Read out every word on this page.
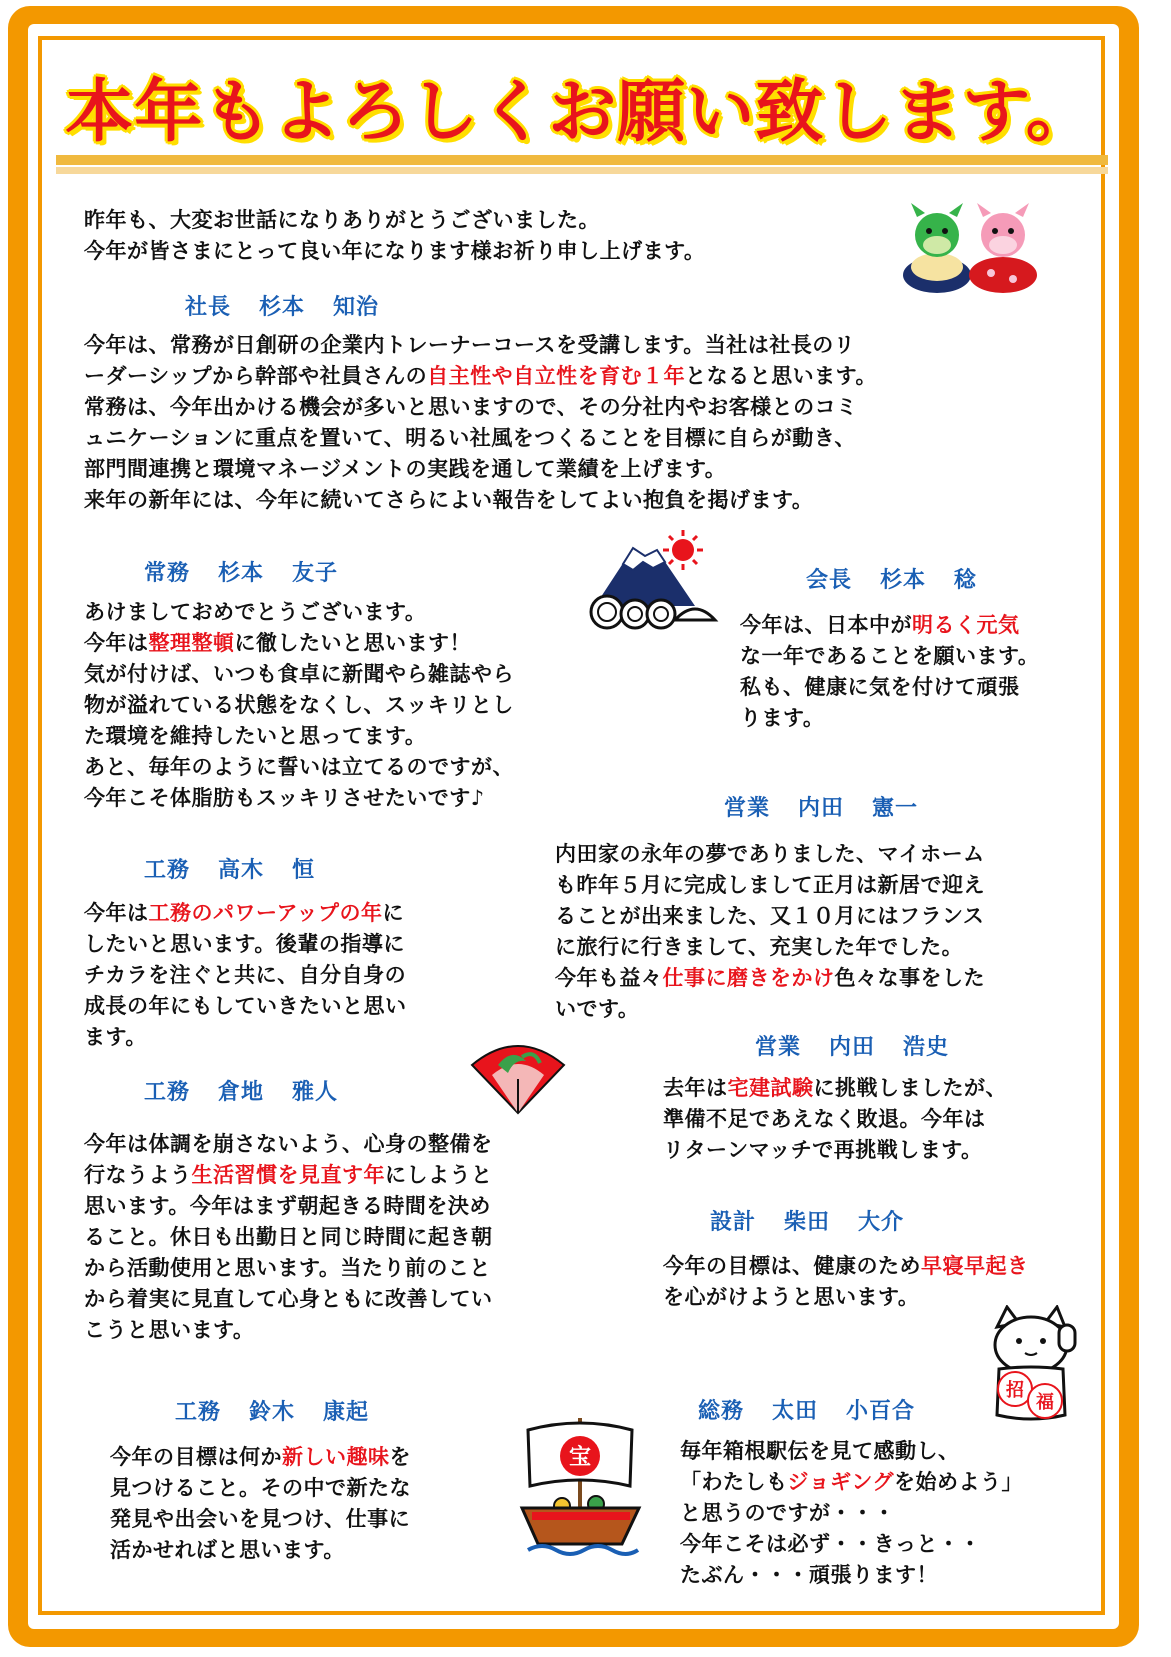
本年もよろしくお願い致します。
昨年も、大変お世話になりありがとうございました。
今年が皆さまにとって良い年になります様お祈り申し上げます。
社長 杉本 知治
今年は、常務が日創研の企業内トレーナーコースを受講します。当社は社長のリ
ーダーシップから幹部や社員さんの自主性や自立性を育む１年となると思います。
常務は、今年出かける機会が多いと思いますので、その分社内やお客様とのコミ
ュニケーションに重点を置いて、明るい社風をつくることを目標に自らが動き、
部門間連携と環境マネージメントの実践を通して業績を上げます。
来年の新年には、今年に続いてさらによい報告をしてよい抱負を掲げます。
常務 杉本 友子
あけましておめでとうございます。
今年は整理整頓に徹したいと思います！
気が付けば、いつも食卓に新聞やら雑誌やら
物が溢れている状態をなくし、スッキリとし
た環境を維持したいと思ってます。
あと、毎年のように誓いは立てるのですが、
今年こそ体脂肪もスッキリさせたいです♪
会長 杉本 稔
今年は、日本中が明るく元気
な一年であることを願います。
私も、健康に気を付けて頑張
ります。
営業 内田 憲一
内田家の永年の夢でありました、マイホーム
も昨年５月に完成しまして正月は新居で迎え
ることが出来ました、又１０月にはフランス
に旅行に行きまして、充実した年でした。
今年も益々仕事に磨きをかけ色々な事をした
いです。
工務 高木 恒
今年は工務のパワーアップの年に
したいと思います。後輩の指導に
チカラを注ぐと共に、自分自身の
成長の年にもしていきたいと思い
ます。	営業 内田 浩史
去年は宅建試験に挑戦しましたが、
準備不足であえなく敗退。今年は
リターンマッチで再挑戦します。
工務 倉地 雅人
今年は体調を崩さないよう、心身の整備を
行なうよう生活習慣を見直す年にしようと
思います。今年はまず朝起きる時間を決め
ること。休日も出勤日と同じ時間に起き朝
から活動使用と思います。当たり前のこと
から着実に見直して心身ともに改善してい
こうと思います。
設計 柴田 大介
今年の目標は、健康のため早寝早起き
を心がけようと思います。
招
福
工務 鈴木 康起
今年の目標は何か新しい趣味を
見つけること。その中で新たな
発見や出会いを見つけ、仕事に
活かせればと思います。
宝
総務 太田 小百合
毎年箱根駅伝を見て感動し、
「わたしもジョギングを始めよう」
と思うのですが・・・
今年こそは必ず・・きっと・・
たぶん・・・頑張ります！
